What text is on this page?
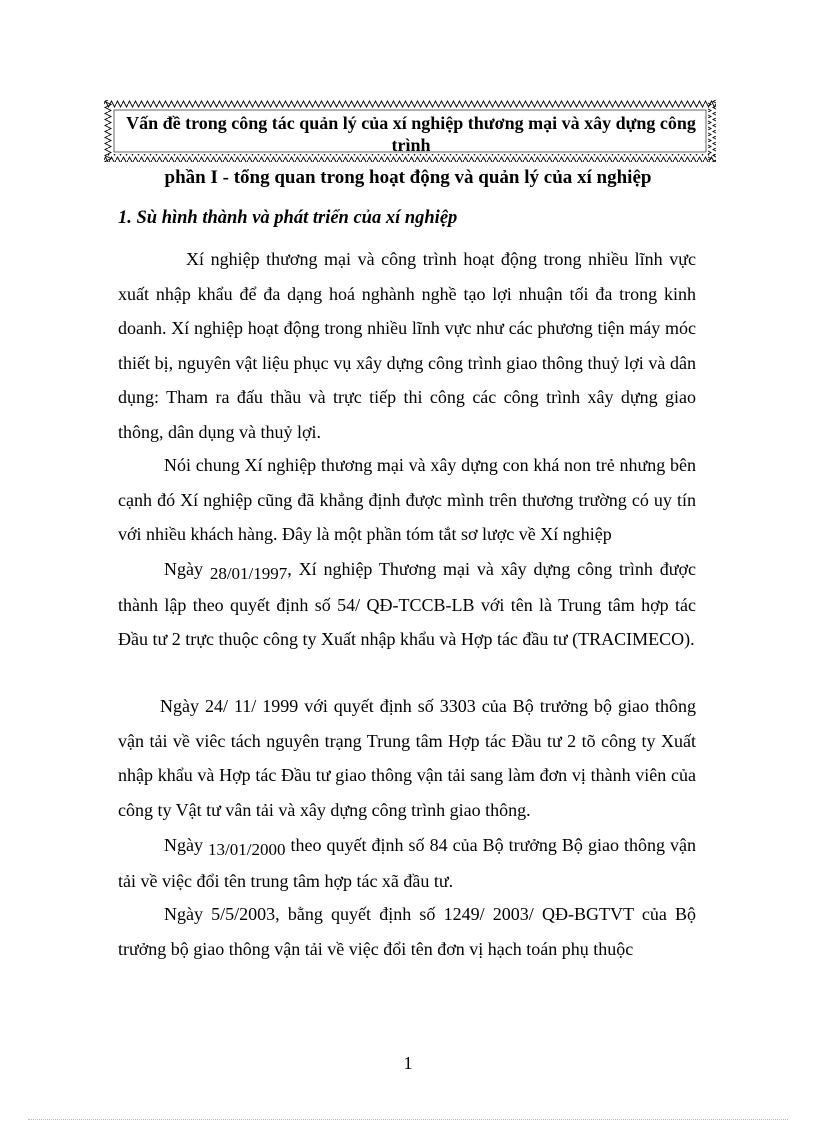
Vấn đề trong công tác quản lý của xí nghiệp thương mại và xây dựng công trình
phần I - tổng quan trong hoạt động và quản lý của xí nghiệp
1. Sù hình thành và phát triển của xí nghiệp

Xí nghiệp thương mại và công trình hoạt động trong nhiều lĩnh vực xuất nhập khẩu để đa dạng hoá nghành nghề tạo lợi nhuận tối đa trong kinh doanh. Xí nghiệp hoạt động trong nhiều lĩnh vực như các phương tiện máy móc thiết bị, nguyên vật liệu phục vụ xây dựng công trình giao thông thuỷ lợi và dân dụng: Tham ra đấu thầu và trực tiếp thi công các công trình xây dựng giao thông, dân dụng và thuỷ lợi.

Nói chung Xí nghiệp thương mại và xây dựng con khá non trẻ nhưng bên cạnh đó Xí nghiệp cũng đã khẳng định được mình trên thương trường có uy tín với nhiều khách hàng. Đây là một phần tóm tắt sơ lược về Xí nghiệp

Ngày 28/01/1997, Xí nghiệp Thương mại và xây dựng công trình được thành lập theo quyết định số 54/ QĐ-TCCB-LB với tên là Trung tâm hợp tác Đầu tư 2 trực thuộc công ty Xuất nhập khẩu và Hợp tác đầu tư (TRACIMECO).

Ngày 24/ 11/ 1999 với quyết định số 3303 của Bộ trưởng bộ giao thông vận tải về viêc tách nguyên trạng Trung tâm Hợp tác Đầu tư 2 tõ công ty Xuất nhập khẩu và Hợp tác Đầu tư giao thông vận tải sang làm đơn vị thành viên của công ty Vật tư vân tải và xây dựng công trình giao thông.

Ngày 13/01/2000 theo quyết định số 84 của Bộ trưởng Bộ giao thông vận tải về việc đổi tên trung tâm hợp tác xã đầu tư.

Ngày 5/5/2003, bằng quyết định số 1249/ 2003/ QĐ-BGTVT của Bộ trưởng bộ giao thông vận tải về việc đổi tên đơn vị hạch toán phụ thuộc

1
